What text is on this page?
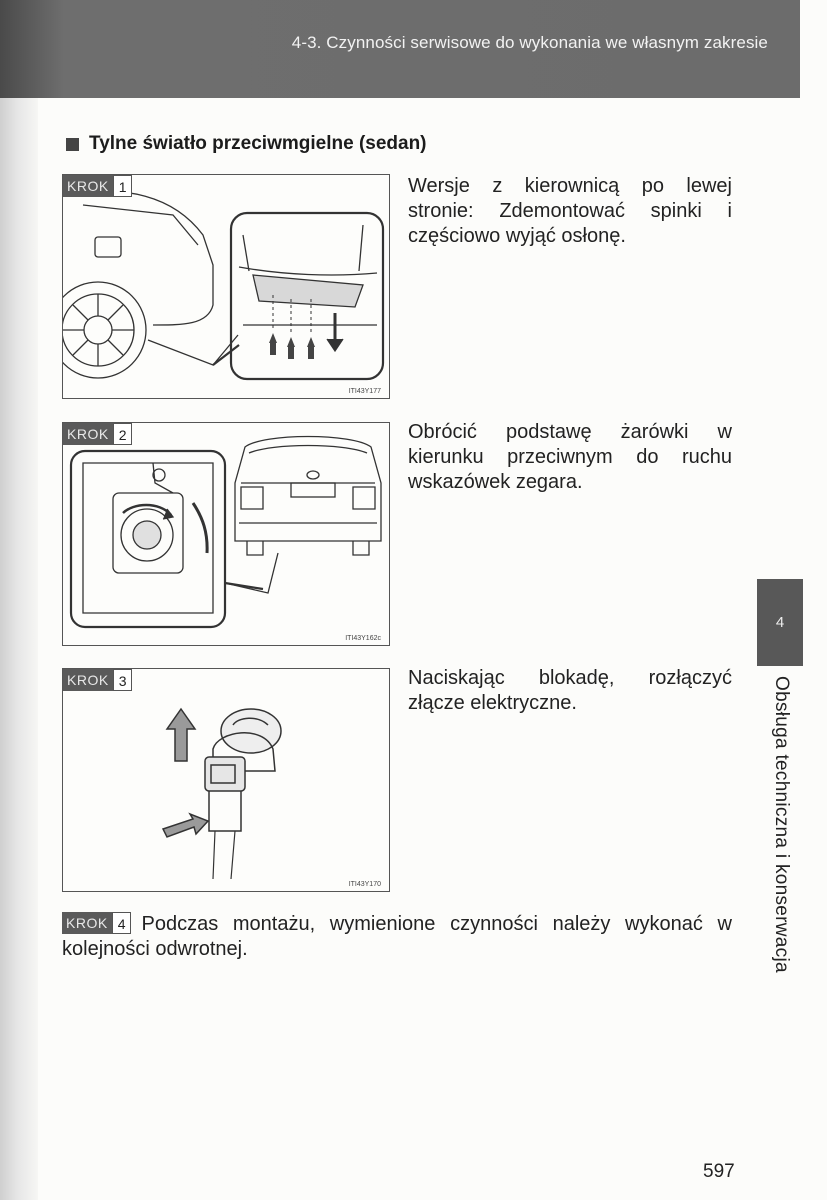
4-3. Czynności serwisowe do wykonania we własnym zakresie
Tylne światło przeciwmgielne (sedan)
KROK 1
ITI43Y177
Wersje z kierownicą po lewej stronie: Zdemontować spinki i częściowo wyjąć osłonę.
KROK 2
ITI43Y162c
Obrócić podstawę żarówki w kierunku przeciwnym do ruchu wskazówek zegara.
KROK 3
ITI43Y170
Naciskając blokadę, rozłączyć złącze elektryczne.
KROK 4 Podczas montażu, wymienione czynności należy wykonać w kolejności odwrotnej.
4
Obsługa techniczna i konserwacja
597
